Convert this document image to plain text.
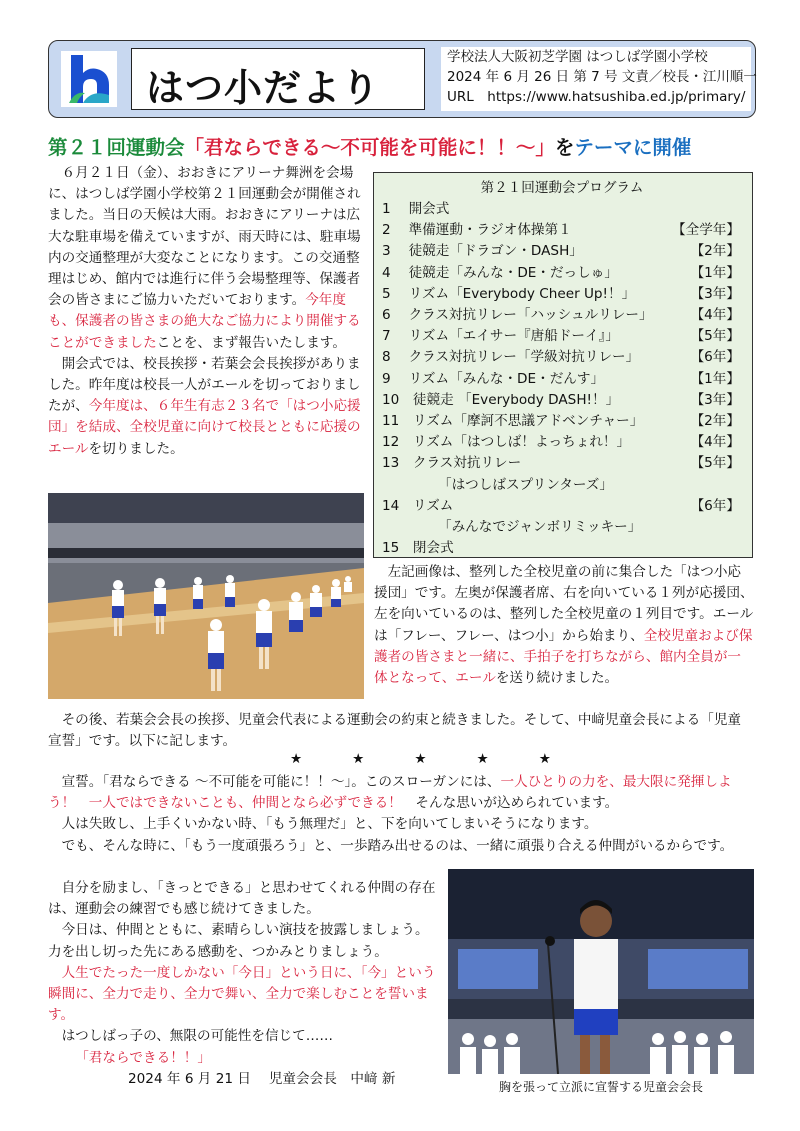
はつ小だより
学校法人大阪初芝学園 はつしば学園小学校
2024 年 6 月 26 日 第 7 号 文責／校長・江川順一
URL　https://www.hatsushiba.ed.jp/primary/
第２１回運動会「君ならできる～不可能を可能に！！～」をテーマに開催

６月２１日（金）、おおきにアリーナ舞洲を会場に、はつしば学園小学校第２１回運動会が開催されました。当日の天候は大雨。おおきにアリーナは広大な駐車場を備えていますが、雨天時には、駐車場内の交通整理が大変なことになります。この交通整理はじめ、館内では進行に伴う会場整理等、保護者会の皆さまにご協力いただいております。今年度も、保護者の皆さまの絶大なご協力により開催することができましたことを、まず報告いたします。

開会式では、校長挨拶・若葉会会長挨拶がありました。昨年度は校長一人がエールを切っておりましたが、今年度は、６年生有志２３名で「はつ小応援団」を結成、全校児童に向けて校長とともに応援のエールを切りました。

第２１回運動会プログラム
1　 開会式
2　 準備運動・ラジオ体操第１	【全学年】
3　 徒競走「ドラゴン・DASH」	【2年】
4　 徒競走「みんな・DE・だっしゅ」	【1年】
5　 リズム「Everybody Cheer Up!！」	【3年】
6　 クラス対抗リレー「ハッシュルリレー」	【4年】
7　 リズム「エイサー『唐船ドーイ』」	【5年】
8　 クラス対抗リレー「学級対抗リレー」	【6年】
9　 リズム「みんな・DE・だんす」	【1年】
10　徒競走 「Everybody DASH!！」	【3年】
11　リズム「摩訶不思議アドベンチャー」	【2年】
12　リズム「はつしば！よっちょれ！」	【4年】
13　クラス対抗リレー	【5年】
「はつしばスプリンターズ」
14　リズム	【6年】
「みんなでジャンボリミッキー」
15　閉会式

左記画像は、整列した全校児童の前に集合した「はつ小応援団」です。左奥が保護者席、右を向いている１列が応援団、左を向いているのは、整列した全校児童の１列目です。エールは「フレー、フレー、はつ小」から始まり、全校児童および保護者の皆さまと一緒に、手拍子を打ちながら、館内全員が一体となって、エールを送り続けました。

その後、若葉会会長の挨拶、児童会代表による運動会の約束と続きました。そして、中﨑児童会長による「児童宣誓」です。以下に記します。

★★★★★

宣誓。「君ならできる ～不可能を可能に！！～」。このスローガンには、一人ひとりの力を、最大限に発揮しよう！　一人ではできないことも、仲間となら必ずできる！　そんな思いが込められています。

人は失敗し、上手くいかない時、「もう無理だ」と、下を向いてしまいそうになります。

でも、そんな時に、「もう一度頑張ろう」と、一歩踏み出せるのは、一緒に頑張り合える仲間がいるからです。

自分を励まし、「きっとできる」と思わせてくれる仲間の存在は、運動会の練習でも感じ続けてきました。

今日は、仲間とともに、素晴らしい演技を披露しましょう。力を出し切った先にある感動を、つかみとりましょう。

人生でたった一度しかない「今日」という日に、「今」という瞬間に、全力で走り、全力で舞い、全力で楽しむことを誓います。

はつしばっ子の、無限の可能性を信じて……

「君ならできる！！」

2024 年 6 月 21 日　 児童会会長　中﨑 新

胸を張って立派に宣誓する児童会会長
